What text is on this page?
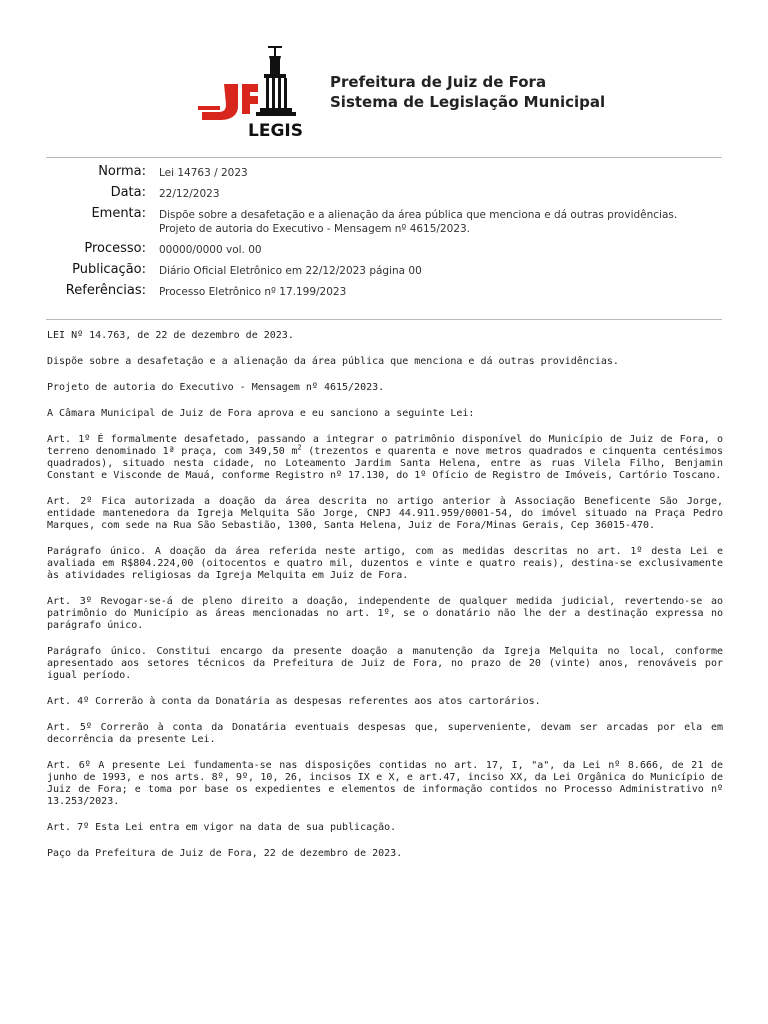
LEGIS
Prefeitura de Juiz de Fora
Sistema de Legislação Municipal
Norma: Lei 14763 / 2023
Data: 22/12/2023
Ementa: Dispõe sobre a desafetação e a alienação da área pública que menciona e dá outras providências. Projeto de autoria do Executivo - Mensagem nº 4615/2023.
Processo: 00000/0000 vol. 00
Publicação: Diário Oficial Eletrônico em 22/12/2023 página 00
Referências: Processo Eletrônico nº 17.199/2023

LEI Nº 14.763, de 22 de dezembro de 2023.

Dispõe sobre a desafetação e a alienação da área pública que menciona e dá outras providências.

Projeto de autoria do Executivo - Mensagem nº 4615/2023.

A Câmara Municipal de Juiz de Fora aprova e eu sanciono a seguinte Lei:

Art. 1º É formalmente desafetado, passando a integrar o patrimônio disponível do Município de Juiz de Fora, o terreno denominado 1ª praça, com 349,50 $m^2$ (trezentos e quarenta e nove metros quadrados e cinquenta centésimos quadrados), situado nesta cidade, no Loteamento Jardim Santa Helena, entre as ruas Vilela Filho, Benjamin Constant e Visconde de Mauá, conforme Registro nº 17.130, do 1º Ofício de Registro de Imóveis, Cartório Toscano.

Art. 2º Fica autorizada a doação da área descrita no artigo anterior à Associação Beneficente São Jorge, entidade mantenedora da Igreja Melquita São Jorge, CNPJ 44.911.959/0001-54, do imóvel situado na Praça Pedro Marques, com sede na Rua São Sebastião, 1300, Santa Helena, Juiz de Fora/Minas Gerais, Cep 36015-470.

Parágrafo único. A doação da área referida neste artigo, com as medidas descritas no art. 1º desta Lei e avaliada em R$804.224,00 (oitocentos e quatro mil, duzentos e vinte e quatro reais), destina-se exclusivamente às atividades religiosas da Igreja Melquita em Juiz de Fora.

Art. 3º Revogar-se-á de pleno direito a doação, independente de qualquer medida judicial, revertendo-se ao patrimônio do Município as áreas mencionadas no art. 1º, se o donatário não lhe der a destinação expressa no parágrafo único.

Parágrafo único. Constitui encargo da presente doação a manutenção da Igreja Melquita no local, conforme apresentado aos setores técnicos da Prefeitura de Juiz de Fora, no prazo de 20 (vinte) anos, renováveis por igual período.

Art. 4º Correrão à conta da Donatária as despesas referentes aos atos cartorários.

Art. 5º Correrão à conta da Donatária eventuais despesas que, superveniente, devam ser arcadas por ela em decorrência da presente Lei.

Art. 6º A presente Lei fundamenta-se nas disposições contidas no art. 17, I, "a", da Lei nº 8.666, de 21 de junho de 1993, e nos arts. 8º, 9º, 10, 26, incisos IX e X, e art.47, inciso XX, da Lei Orgânica do Município de Juiz de Fora; e toma por base os expedientes e elementos de informação contidos no Processo Administrativo nº 13.253/2023.

Art. 7º Esta Lei entra em vigor na data de sua publicação.

Paço da Prefeitura de Juiz de Fora, 22 de dezembro de 2023.
